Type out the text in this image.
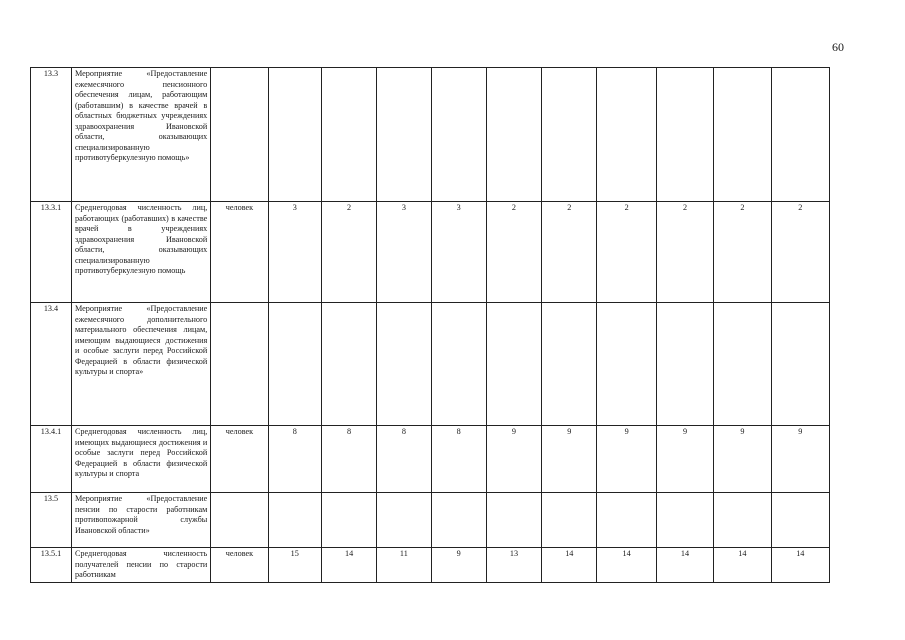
60
13.3	Мероприятие «Предоставление ежемесячного пенсионного обеспечения лицам, работающим (работавшим) в качестве врачей в областных бюджетных учреждениях здравоохранения Ивановской области, оказывающих специализированную противотуберкулезную помощь»											
13.3.1	Среднегодовая численность лиц, работающих (работавших) в качестве врачей в учреждениях здравоохранения Ивановской области, оказывающих специализированную противотуберкулезную помощь	человек	3	2	3	3	2	2	2	2	2	2
13.4	Мероприятие «Предоставление ежемесячного дополнительного материального обеспечения лицам, имеющим выдающиеся достижения и особые заслуги перед Российской Федерацией в области физической культуры и спорта»											
13.4.1	Среднегодовая численность лиц, имеющих выдающиеся достижения и особые заслуги перед Российской Федерацией в области физической культуры и спорта	человек	8	8	8	8	9	9	9	9	9	9
13.5	Мероприятие «Предоставление пенсии по старости работникам противопожарной службы Ивановской области»											
13.5.1	Среднегодовая численность получателей пенсии по старости работникам	человек	15	14	11	9	13	14	14	14	14	14
